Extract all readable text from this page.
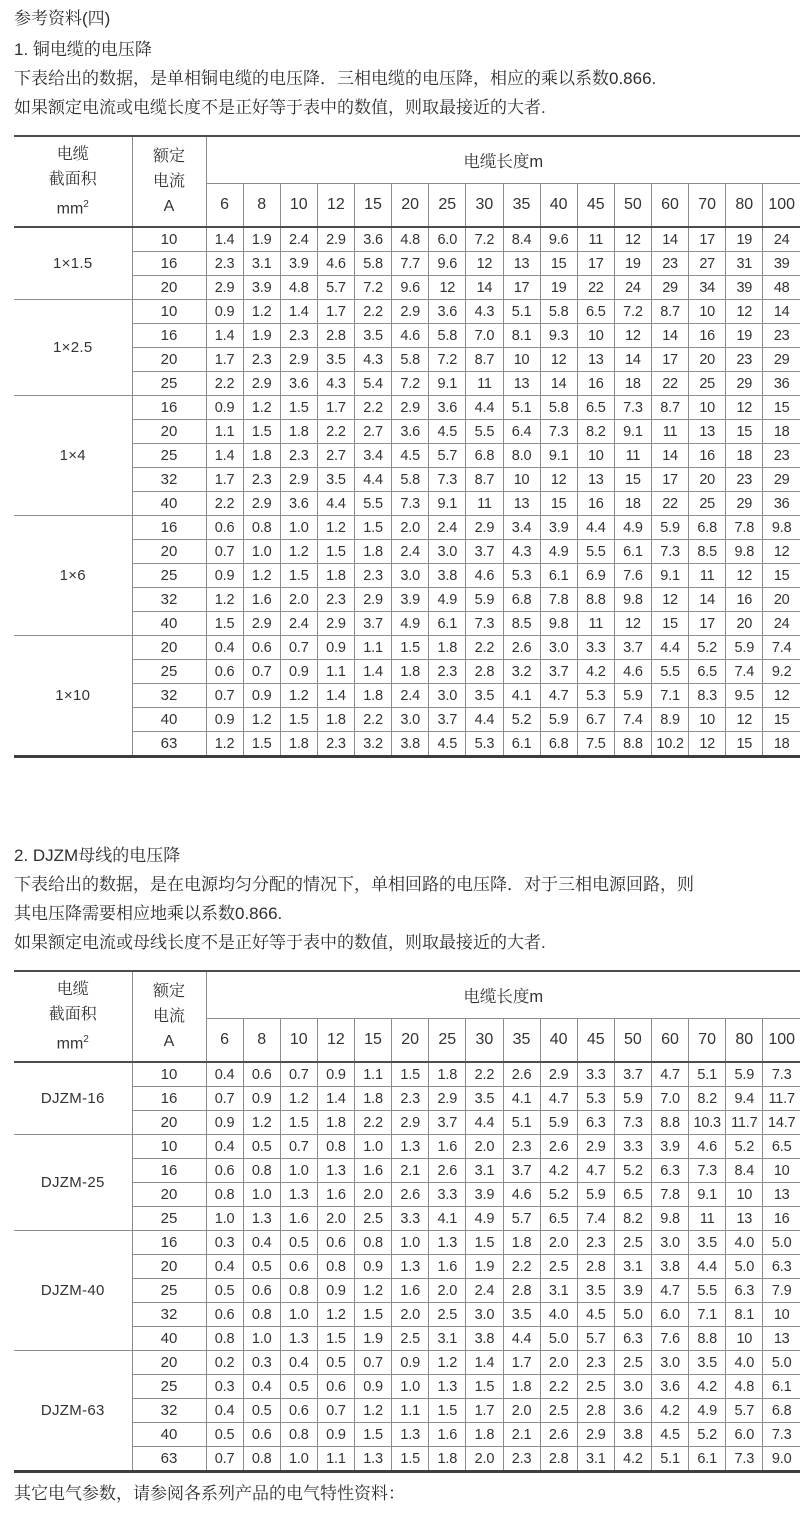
参考资料(四)
1. 铜电缆的电压降
下表给出的数据，是单相铜电缆的电压降．三相电缆的电压降，相应的乘以系数0.866.
如果额定电流或电缆长度不是正好等于表中的数值，则取最接近的大者.
电缆
截面积
$mm^2$

额定
电流
A
	电缆长度m
		6	8	10	12	15	20	25	30	35	40	45	50	60	70	80	100
1×1.5	10	1.4	1.9	2.4	2.9	3.6	4.8	6.0	7.2	8.4	9.6	11	12	14	17	19	24
	16	2.3	3.1	3.9	4.6	5.8	7.7	9.6	12	13	15	17	19	23	27	31	39
	20	2.9	3.9	4.8	5.7	7.2	9.6	12	14	17	19	22	24	29	34	39	48
1×2.5	10	0.9	1.2	1.4	1.7	2.2	2.9	3.6	4.3	5.1	5.8	6.5	7.2	8.7	10	12	14
	16	1.4	1.9	2.3	2.8	3.5	4.6	5.8	7.0	8.1	9.3	10	12	14	16	19	23
	20	1.7	2.3	2.9	3.5	4.3	5.8	7.2	8.7	10	12	13	14	17	20	23	29
	25	2.2	2.9	3.6	4.3	5.4	7.2	9.1	11	13	14	16	18	22	25	29	36
1×4	16	0.9	1.2	1.5	1.7	2.2	2.9	3.6	4.4	5.1	5.8	6.5	7.3	8.7	10	12	15
	20	1.1	1.5	1.8	2.2	2.7	3.6	4.5	5.5	6.4	7.3	8.2	9.1	11	13	15	18
	25	1.4	1.8	2.3	2.7	3.4	4.5	5.7	6.8	8.0	9.1	10	11	14	16	18	23
	32	1.7	2.3	2.9	3.5	4.4	5.8	7.3	8.7	10	12	13	15	17	20	23	29
	40	2.2	2.9	3.6	4.4	5.5	7.3	9.1	11	13	15	16	18	22	25	29	36
1×6	16	0.6	0.8	1.0	1.2	1.5	2.0	2.4	2.9	3.4	3.9	4.4	4.9	5.9	6.8	7.8	9.8
	20	0.7	1.0	1.2	1.5	1.8	2.4	3.0	3.7	4.3	4.9	5.5	6.1	7.3	8.5	9.8	12
	25	0.9	1.2	1.5	1.8	2.3	3.0	3.8	4.6	5.3	6.1	6.9	7.6	9.1	11	12	15
	32	1.2	1.6	2.0	2.3	2.9	3.9	4.9	5.9	6.8	7.8	8.8	9.8	12	14	16	20
	40	1.5	2.9	2.4	2.9	3.7	4.9	6.1	7.3	8.5	9.8	11	12	15	17	20	24
1×10	20	0.4	0.6	0.7	0.9	1.1	1.5	1.8	2.2	2.6	3.0	3.3	3.7	4.4	5.2	5.9	7.4
	25	0.6	0.7	0.9	1.1	1.4	1.8	2.3	2.8	3.2	3.7	4.2	4.6	5.5	6.5	7.4	9.2
	32	0.7	0.9	1.2	1.4	1.8	2.4	3.0	3.5	4.1	4.7	5.3	5.9	7.1	8.3	9.5	12
	40	0.9	1.2	1.5	1.8	2.2	3.0	3.7	4.4	5.2	5.9	6.7	7.4	8.9	10	12	15
	63	1.2	1.5	1.8	2.3	3.2	3.8	4.5	5.3	6.1	6.8	7.5	8.8	10.2	12	15	18
2. DJZM母线的电压降
下表给出的数据，是在电源均匀分配的情况下，单相回路的电压降．对于三相电源回路，则
其电压降需要相应地乘以系数0.866.
如果额定电流或母线长度不是正好等于表中的数值，则取最接近的大者.
电缆
截面积
$mm^2$

额定
电流
A
	电缆长度m
		6	8	10	12	15	20	25	30	35	40	45	50	60	70	80	100
DJZM-16	10	0.4	0.6	0.7	0.9	1.1	1.5	1.8	2.2	2.6	2.9	3.3	3.7	4.7	5.1	5.9	7.3
	16	0.7	0.9	1.2	1.4	1.8	2.3	2.9	3.5	4.1	4.7	5.3	5.9	7.0	8.2	9.4	11.7
	20	0.9	1.2	1.5	1.8	2.2	2.9	3.7	4.4	5.1	5.9	6.3	7.3	8.8	10.3	11.7	14.7
DJZM-25	10	0.4	0.5	0.7	0.8	1.0	1.3	1.6	2.0	2.3	2.6	2.9	3.3	3.9	4.6	5.2	6.5
	16	0.6	0.8	1.0	1.3	1.6	2.1	2.6	3.1	3.7	4.2	4.7	5.2	6.3	7.3	8.4	10
	20	0.8	1.0	1.3	1.6	2.0	2.6	3.3	3.9	4.6	5.2	5.9	6.5	7.8	9.1	10	13
	25	1.0	1.3	1.6	2.0	2.5	3.3	4.1	4.9	5.7	6.5	7.4	8.2	9.8	11	13	16
DJZM-40	16	0.3	0.4	0.5	0.6	0.8	1.0	1.3	1.5	1.8	2.0	2.3	2.5	3.0	3.5	4.0	5.0
	20	0.4	0.5	0.6	0.8	0.9	1.3	1.6	1.9	2.2	2.5	2.8	3.1	3.8	4.4	5.0	6.3
	25	0.5	0.6	0.8	0.9	1.2	1.6	2.0	2.4	2.8	3.1	3.5	3.9	4.7	5.5	6.3	7.9
	32	0.6	0.8	1.0	1.2	1.5	2.0	2.5	3.0	3.5	4.0	4.5	5.0	6.0	7.1	8.1	10
	40	0.8	1.0	1.3	1.5	1.9	2.5	3.1	3.8	4.4	5.0	5.7	6.3	7.6	8.8	10	13
DJZM-63	20	0.2	0.3	0.4	0.5	0.7	0.9	1.2	1.4	1.7	2.0	2.3	2.5	3.0	3.5	4.0	5.0
	25	0.3	0.4	0.5	0.6	0.9	1.0	1.3	1.5	1.8	2.2	2.5	3.0	3.6	4.2	4.8	6.1
	32	0.4	0.5	0.6	0.7	1.2	1.1	1.5	1.7	2.0	2.5	2.8	3.6	4.2	4.9	5.7	6.8
	40	0.5	0.6	0.8	0.9	1.5	1.3	1.6	1.8	2.1	2.6	2.9	3.8	4.5	5.2	6.0	7.3
	63	0.7	0.8	1.0	1.1	1.3	1.5	1.8	2.0	2.3	2.8	3.1	4.2	5.1	6.1	7.3	9.0
其它电气参数，请参阅各系列产品的电气特性资料：
